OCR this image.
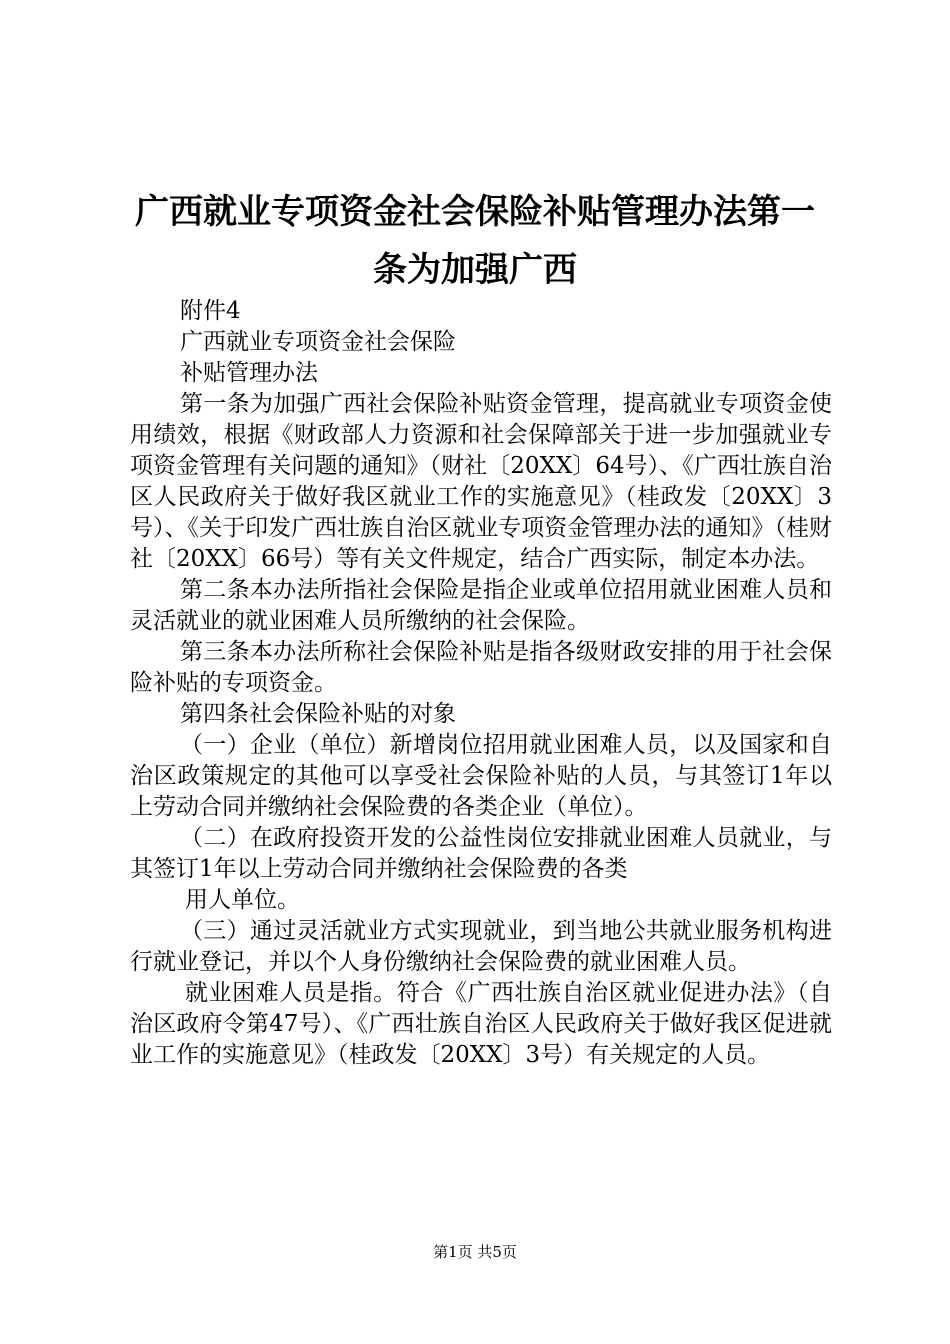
广西就业专项资金社会保险补贴管理办法第一条为加强广西

附件4

广西就业专项资金社会保险

补贴管理办法

第一条为加强广西社会保险补贴资金管理，提高就业专项资金使用绩效，根据《财政部人力资源和社会保障部关于进一步加强就业专项资金管理有关问题的通知》（财社〔20XX〕64号）、《广西壮族自治区人民政府关于做好我区就业工作的实施意见》（桂政发〔20XX〕3号）、《关于印发广西壮族自治区就业专项资金管理办法的通知》（桂财社〔20XX〕66号）等有关文件规定，结合广西实际，制定本办法。

第二条本办法所指社会保险是指企业或单位招用就业困难人员和灵活就业的就业困难人员所缴纳的社会保险。

第三条本办法所称社会保险补贴是指各级财政安排的用于社会保险补贴的专项资金。

第四条社会保险补贴的对象

（一）企业（单位）新增岗位招用就业困难人员，以及国家和自治区政策规定的其他可以享受社会保险补贴的人员，与其签订1年以上劳动合同并缴纳社会保险费的各类企业（单位）。

（二）在政府投资开发的公益性岗位安排就业困难人员就业，与其签订1年以上劳动合同并缴纳社会保险费的各类

用人单位。

（三）通过灵活就业方式实现就业，到当地公共就业服务机构进行就业登记，并以个人身份缴纳社会保险费的就业困难人员。

就业困难人员是指。符合《广西壮族自治区就业促进办法》（自治区政府令第47号）、《广西壮族自治区人民政府关于做好我区促进就业工作的实施意见》（桂政发〔20XX〕3号）有关规定的人员。

第1页 共5页
